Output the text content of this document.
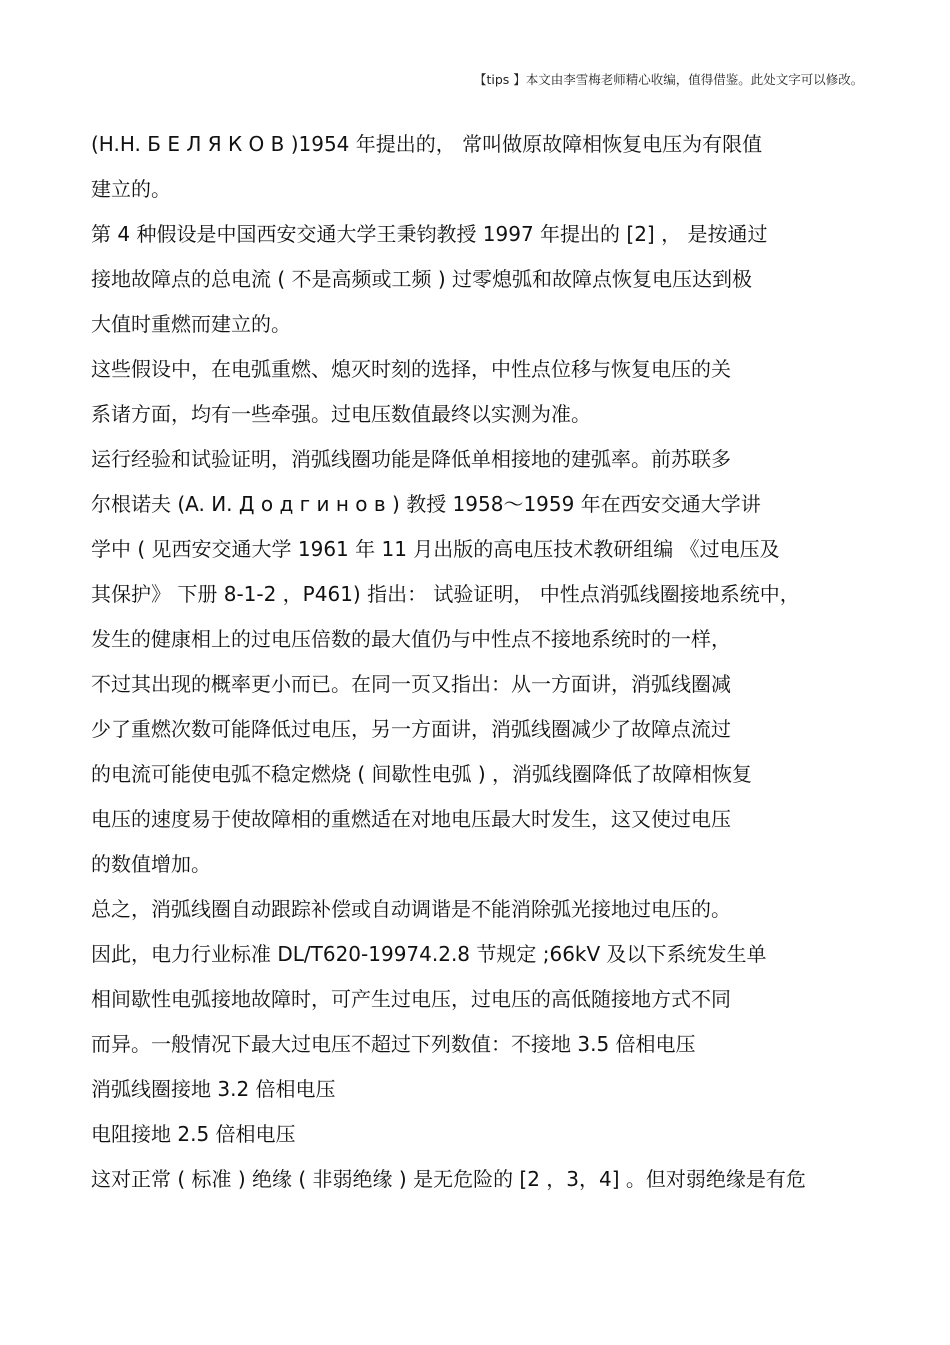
【tips 】本文由李雪梅老师精心收编，值得借鉴。此处文字可以修改。
(H.H. Б Е Л Я К О В )1954 年提出的， 常叫做原故障相恢复电压为有限值
建立的。
第 4 种假设是中国西安交通大学王秉钧教授 1997 年提出的 [2] ， 是按通过
接地故障点的总电流 ( 不是高频或工频 ) 过零熄弧和故障点恢复电压达到极
大值时重燃而建立的。
这些假设中，在电弧重燃、熄灭时刻的选择，中性点位移与恢复电压的关
系诸方面，均有一些牵强。过电压数值最终以实测为准。
运行经验和试验证明，消弧线圈功能是降低单相接地的建弧率。前苏联多
尔根诺夫 (A. И. Д о д г и н о в ) 教授 1958～1959 年在西安交通大学讲
学中 ( 见西安交通大学 1961 年 11 月出版的高电压技术教研组编 《过电压及
其保护》 下册 8-1-2 ，P461) 指出： 试验证明， 中性点消弧线圈接地系统中，
发生的健康相上的过电压倍数的最大值仍与中性点不接地系统时的一样，
不过其出现的概率更小而已。在同一页又指出：从一方面讲，消弧线圈减
少了重燃次数可能降低过电压，另一方面讲，消弧线圈减少了故障点流过
的电流可能使电弧不稳定燃烧 ( 间歇性电弧 ) ，消弧线圈降低了故障相恢复
电压的速度易于使故障相的重燃适在对地电压最大时发生，这又使过电压
的数值增加。
总之，消弧线圈自动跟踪补偿或自动调谐是不能消除弧光接地过电压的。
因此，电力行业标准 DL/T620-19974.2.8 节规定 ;66kV 及以下系统发生单
相间歇性电弧接地故障时，可产生过电压，过电压的高低随接地方式不同
而异。一般情况下最大过电压不超过下列数值：不接地 3.5 倍相电压
消弧线圈接地 3.2 倍相电压
电阻接地 2.5 倍相电压
这对正常 ( 标准 ) 绝缘 ( 非弱绝缘 ) 是无危险的 [2 ，3，4] 。但对弱绝缘是有危
